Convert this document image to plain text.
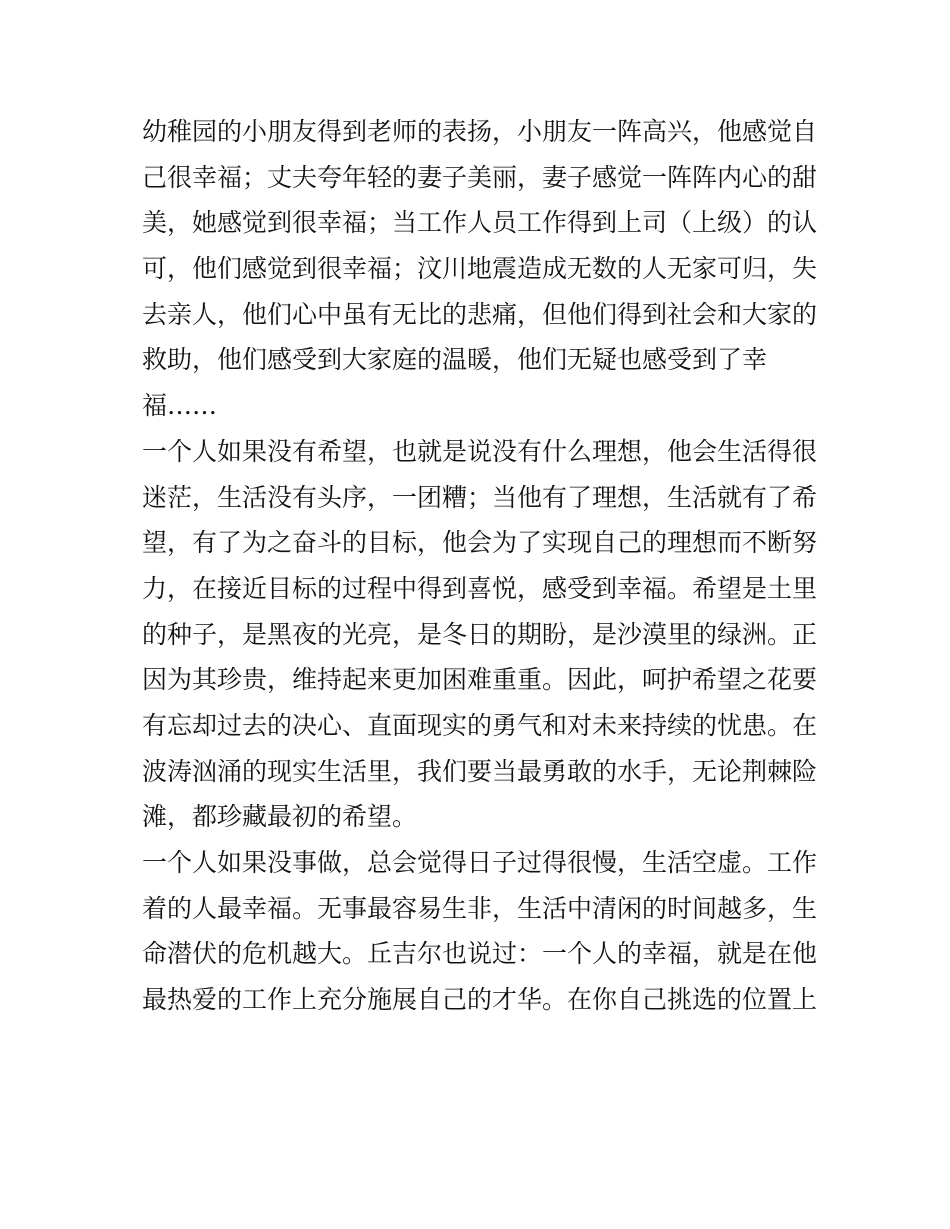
幼稚园的小朋友得到老师的表扬，小朋友一阵高兴，他感觉自
己很幸福；丈夫夸年轻的妻子美丽，妻子感觉一阵阵内心的甜
美，她感觉到很幸福；当工作人员工作得到上司（上级）的认
可，他们感觉到很幸福；汶川地震造成无数的人无家可归，失
去亲人，他们心中虽有无比的悲痛，但他们得到社会和大家的
救助，他们感受到大家庭的温暖，他们无疑也感受到了幸
福……
一个人如果没有希望，也就是说没有什么理想，他会生活得很
迷茫，生活没有头序，一团糟；当他有了理想，生活就有了希
望，有了为之奋斗的目标，他会为了实现自己的理想而不断努
力，在接近目标的过程中得到喜悦，感受到幸福。希望是土里
的种子，是黑夜的光亮，是冬日的期盼，是沙漠里的绿洲。正
因为其珍贵，维持起来更加困难重重。因此，呵护希望之花要
有忘却过去的决心、直面现实的勇气和对未来持续的忧患。在
波涛汹涌的现实生活里，我们要当最勇敢的水手，无论荆棘险
滩，都珍藏最初的希望。
一个人如果没事做，总会觉得日子过得很慢，生活空虚。工作
着的人最幸福。无事最容易生非，生活中清闲的时间越多，生
命潜伏的危机越大。丘吉尔也说过：一个人的幸福，就是在他
最热爱的工作上充分施展自己的才华。在你自己挑选的位置上
